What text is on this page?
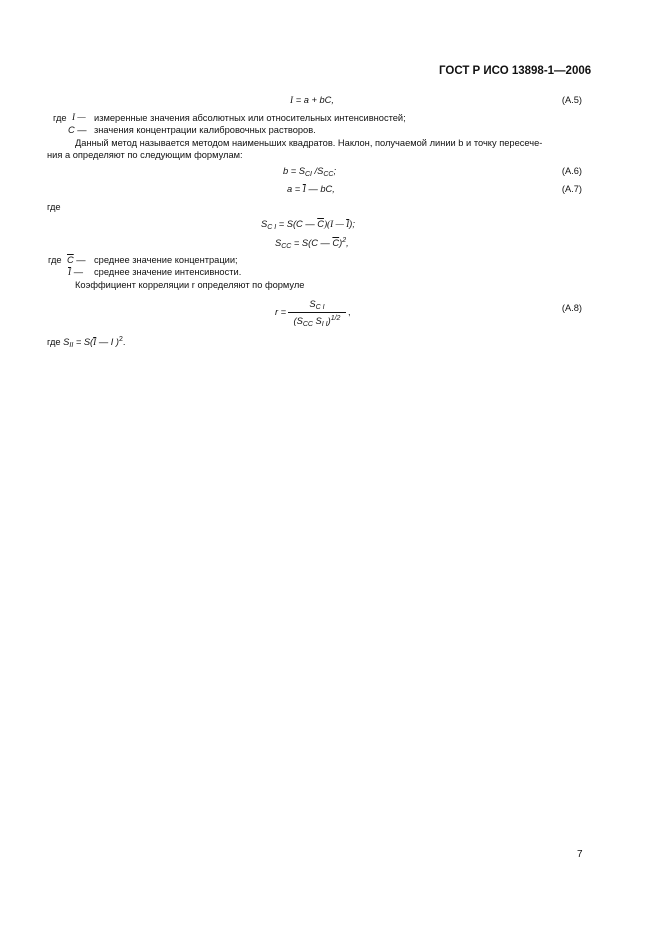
ГОСТ Р ИСО 13898-1—2006
I = a + bC,	(A.5)
где I — измеренные значения абсолютных или относительных интенсивностей;
C — значения концентрации калибровочных растворов.
Данный метод называется методом наименьших квадратов. Наклон, получаемой линии b и точку пересече-
ния a определяют по следующим формулам:
$b = S_{CI}$ $/S_{CC}$;	(A.6)
$a = \overline{I}$ — bC,	(A.7)
где
$S_{C I} = S(C$ — $\overline{C})(I$ — $\overline{I}$);
$S_{CC} = S(C$ — $\overline{C})^2$,
где $\overline{C}$ — среднее значение концентрации;
$\overline{I}$ — среднее значение интенсивности.
Коэффициент корреляции r определяют по формуле
r =
$S_{C I}$
($S_{CC}$ $S_{I I})^{1/2}$
,	(A.8)
где $S_{II} = S(\overline{I}$ — I )$^2$.
7
